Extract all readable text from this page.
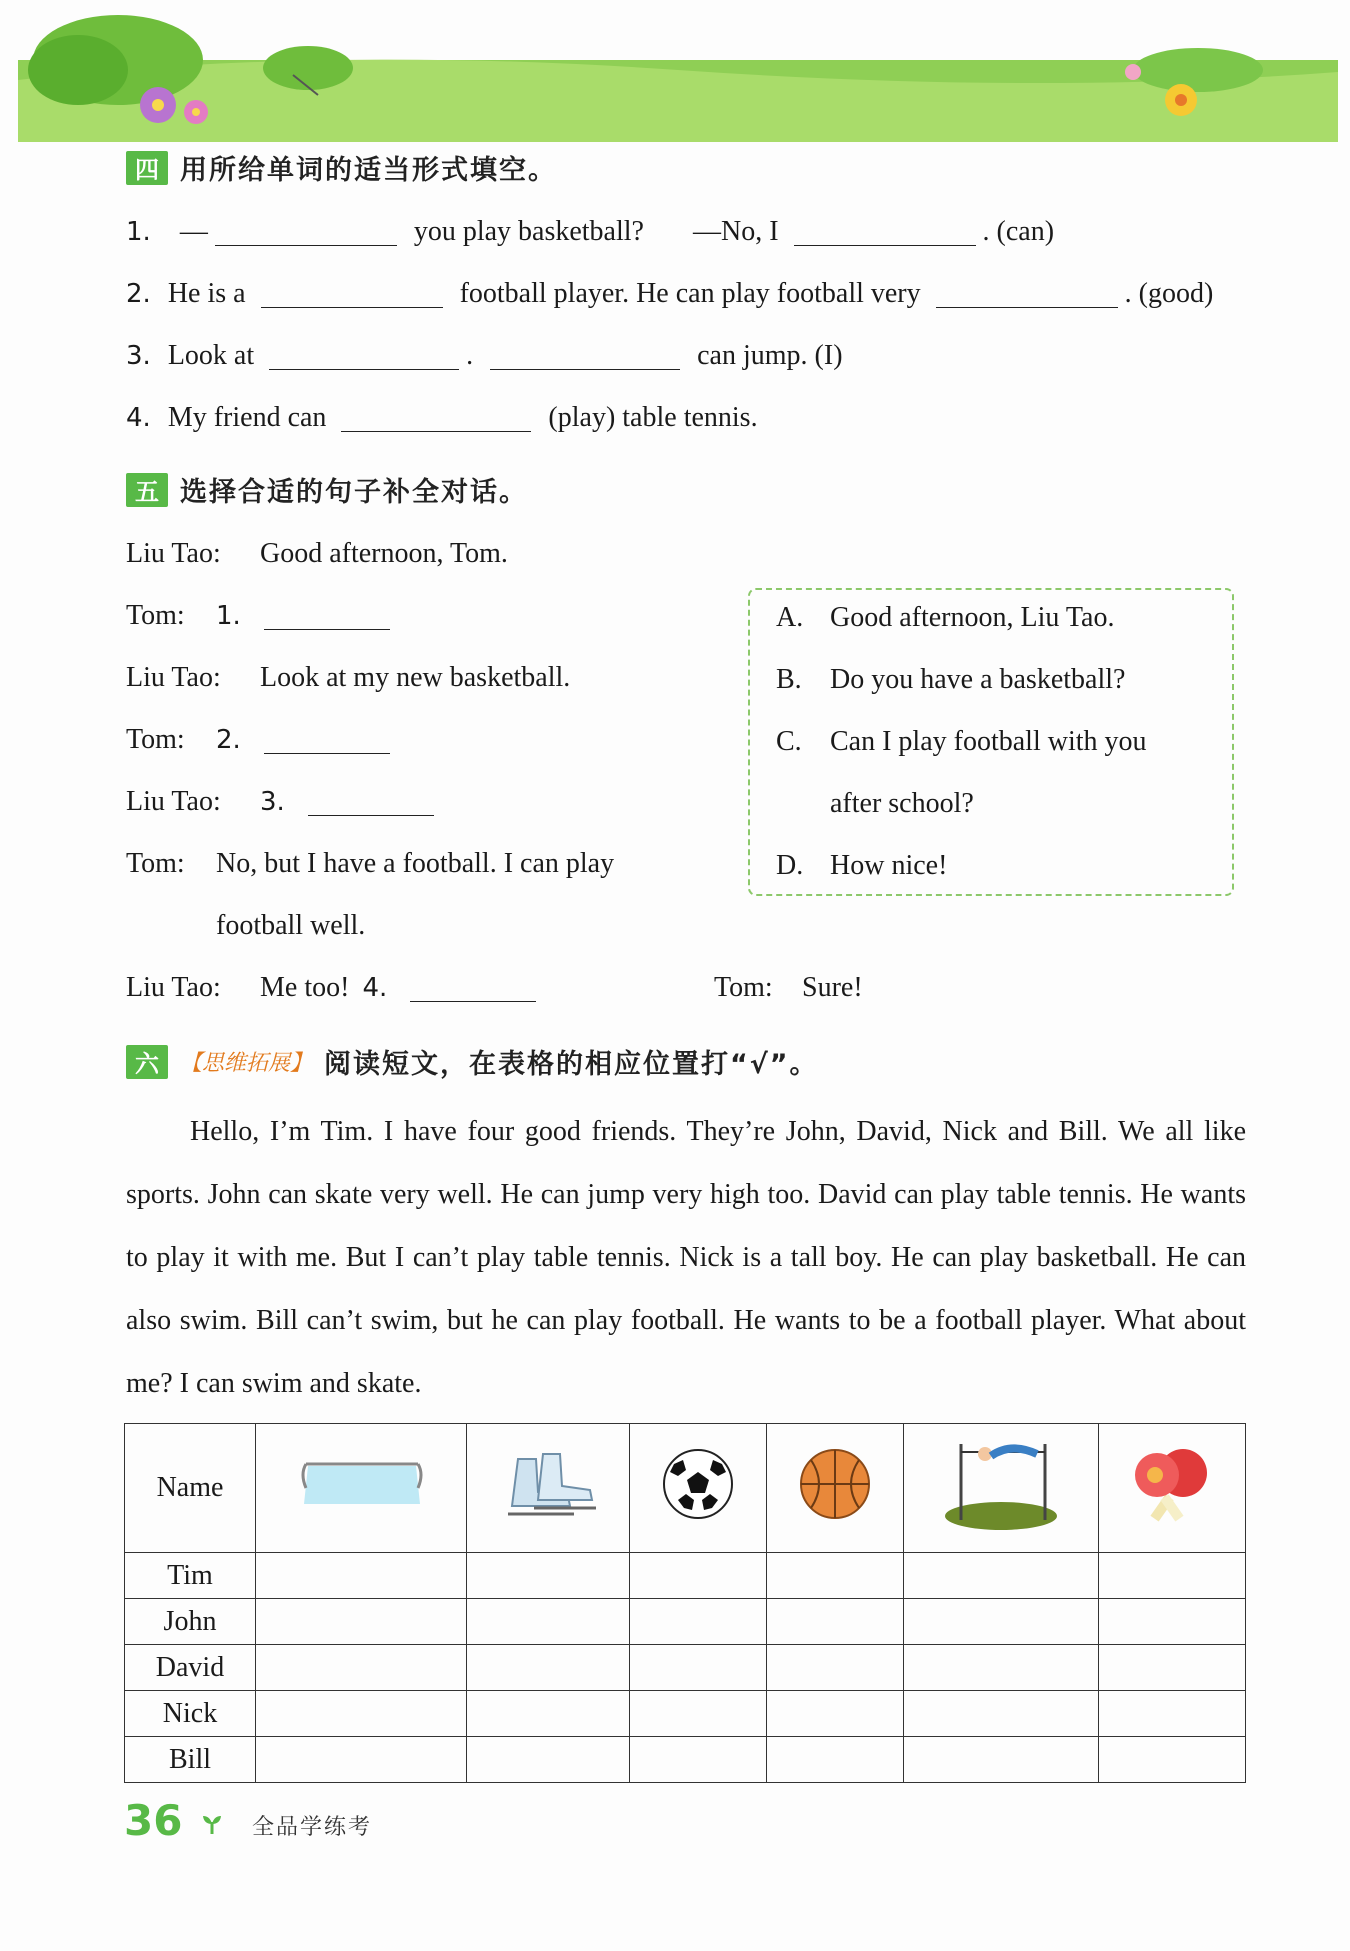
四 用所给单词的适当形式填空。
1. —	you play basketball? —No, I	. (can)
2. He is a	football player. He can play football very	. (good)
3. Look at	.	can jump. (I)
4. My friend can	(play) table tennis.
五 选择合适的句子补全对话。
Liu Tao: Good afternoon, Tom.
Tom: 1.
Liu Tao: Look at my new basketball.
Tom: 2.
Liu Tao: 3.
Tom: No, but I have a football. I can play
football well.
Liu Tao: Me too! 4.	Tom: Sure!
A. Good afternoon, Liu Tao.
B. Do you have a basketball?
C. Can I play football with you
after school?
D. How nice!
六 【思维拓展】 阅读短文，在表格的相应位置打“√”。

Hello, I’m Tim. I have four good friends. They’re John, David, Nick and Bill. We all like sports. John can skate very well. He can jump very high too. David can play table tennis. He wants to play it with me. But I can’t play table tennis. Nick is a tall boy. He can play basketball. He can also swim. Bill can’t swim, but he can play football. He wants to be a football player. What about me? I can swim and skate.

Name						
Tim						
John						
David						
Nick						
Bill						
36	全品学练考
